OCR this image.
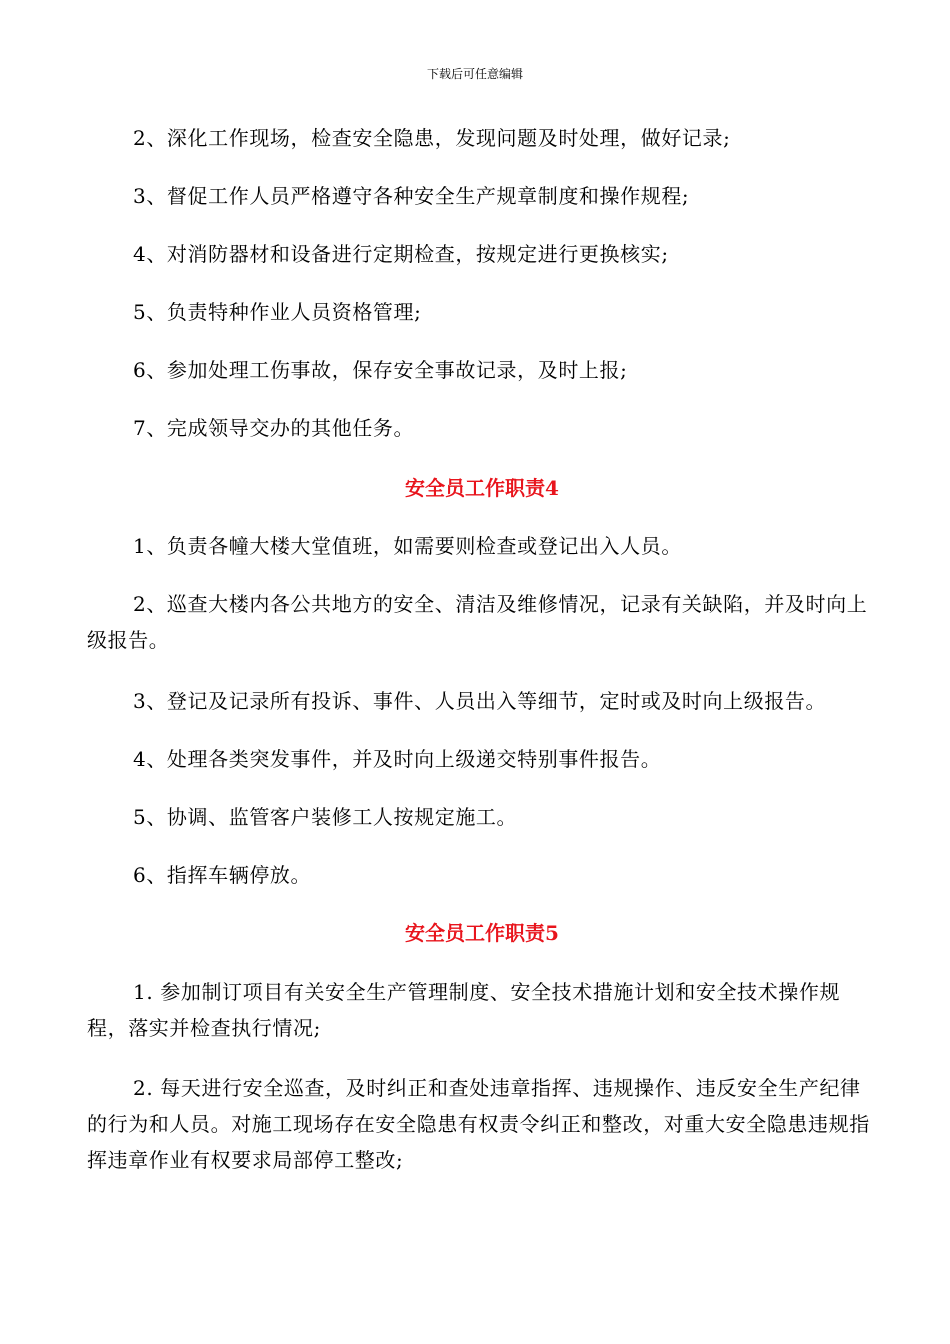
下载后可任意编辑
2、深化工作现场，检查安全隐患，发现问题及时处理，做好记录;
3、督促工作人员严格遵守各种安全生产规章制度和操作规程;
4、对消防器材和设备进行定期检查，按规定进行更换核实;
5、负责特种作业人员资格管理;
6、参加处理工伤事故，保存安全事故记录，及时上报;
7、完成领导交办的其他任务。
安全员工作职责4
1、负责各幢大楼大堂值班，如需要则检查或登记出入人员。
2、巡查大楼内各公共地方的安全、清洁及维修情况，记录有关缺陷，并及时向上级报告。
3、登记及记录所有投诉、事件、人员出入等细节，定时或及时向上级报告。
4、处理各类突发事件，并及时向上级递交特别事件报告。
5、协调、监管客户装修工人按规定施工。
6、指挥车辆停放。
安全员工作职责5
1. 参加制订项目有关安全生产管理制度、安全技术措施计划和安全技术操作规程，落实并检查执行情况;
2. 每天进行安全巡查，及时纠正和查处违章指挥、违规操作、违反安全生产纪律的行为和人员。对施工现场存在安全隐患有权责令纠正和整改，对重大安全隐患违规指挥违章作业有权要求局部停工整改;
